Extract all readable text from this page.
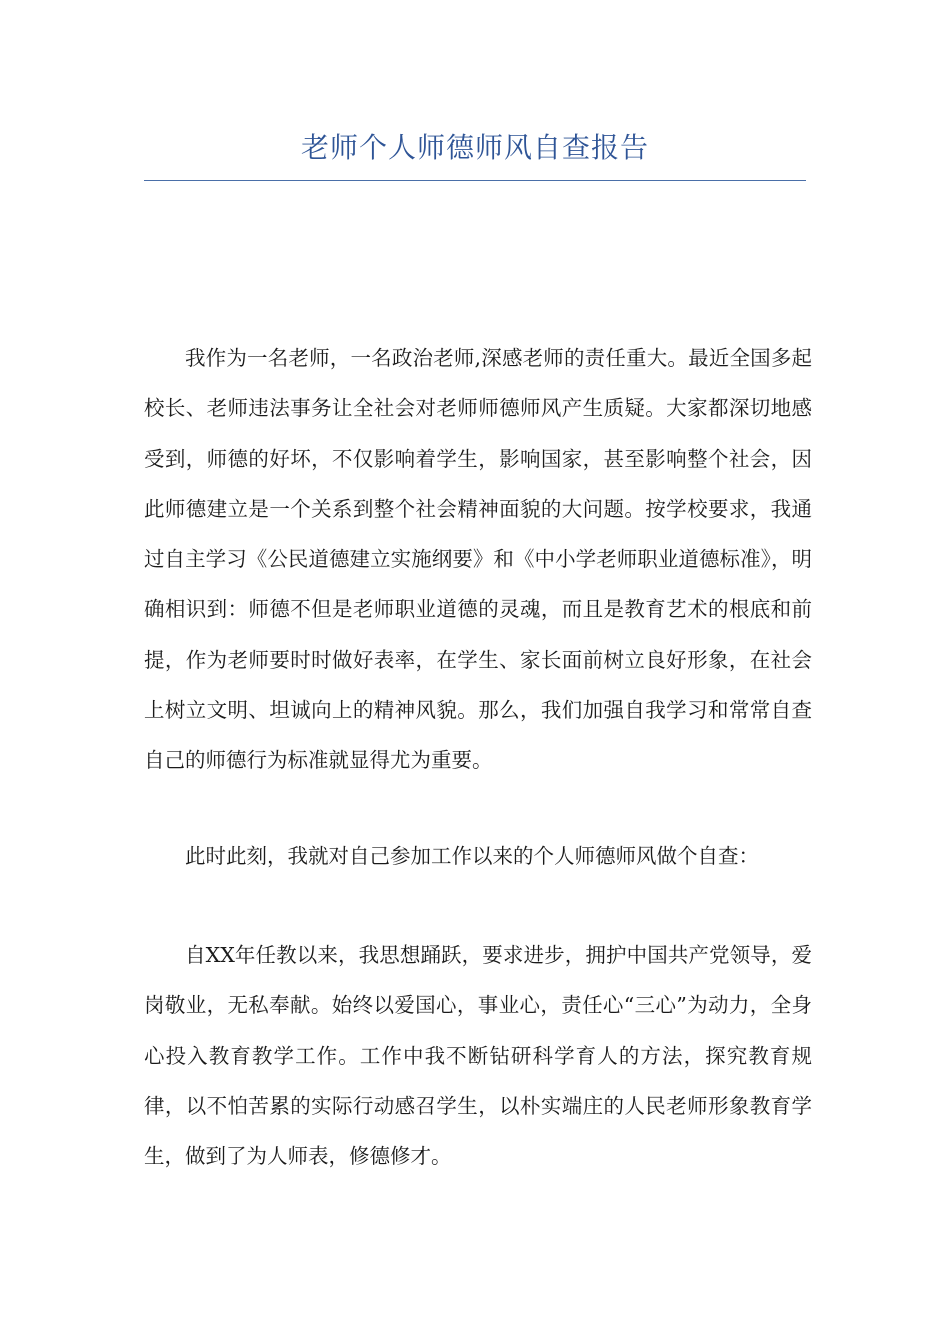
老师个人师德师风自查报告

我作为一名老师，一名政治老师,深感老师的责任重大。最近全国多起校长、老师违法事务让全社会对老师师德师风产生质疑。大家都深切地感受到，师德的好坏，不仅影响着学生，影响国家，甚至影响整个社会，因此师德建立是一个关系到整个社会精神面貌的大问题。按学校要求，我通过自主学习《公民道德建立实施纲要》和《中小学老师职业道德标准》，明确相识到：师德不但是老师职业道德的灵魂，而且是教育艺术的根底和前提，作为老师要时时做好表率，在学生、家长面前树立良好形象，在社会上树立文明、坦诚向上的精神风貌。那么，我们加强自我学习和常常自查自己的师德行为标准就显得尤为重要。

此时此刻，我就对自己参加工作以来的个人师德师风做个自查：

自XX年任教以来，我思想踊跃，要求进步，拥护中国共产党领导，爱岗敬业，无私奉献。始终以爱国心，事业心，责任心“三心”为动力，全身心投入教育教学工作。工作中我不断钻研科学育人的方法，探究教育规律，以不怕苦累的实际行动感召学生，以朴实端庄的人民老师形象教育学生，做到了为人师表，修德修才。
